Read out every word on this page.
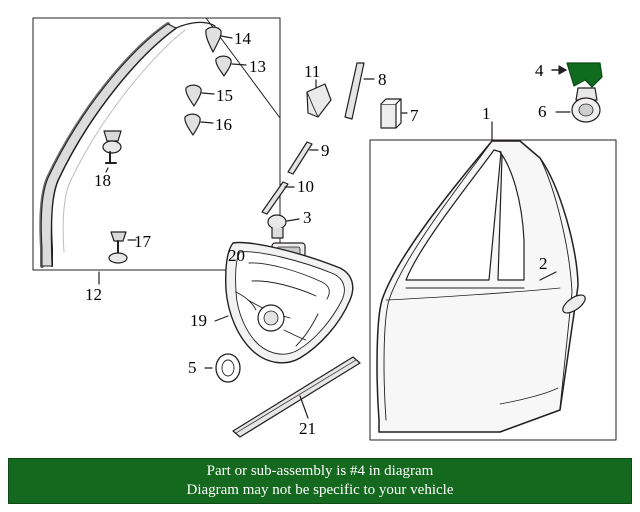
1
2
3
4
5
6
7
8
9
10
11
12
13
14
15
16
17
18
19
20
21
Part or sub-assembly is #4 in diagram
Diagram may not be specific to your vehicle
